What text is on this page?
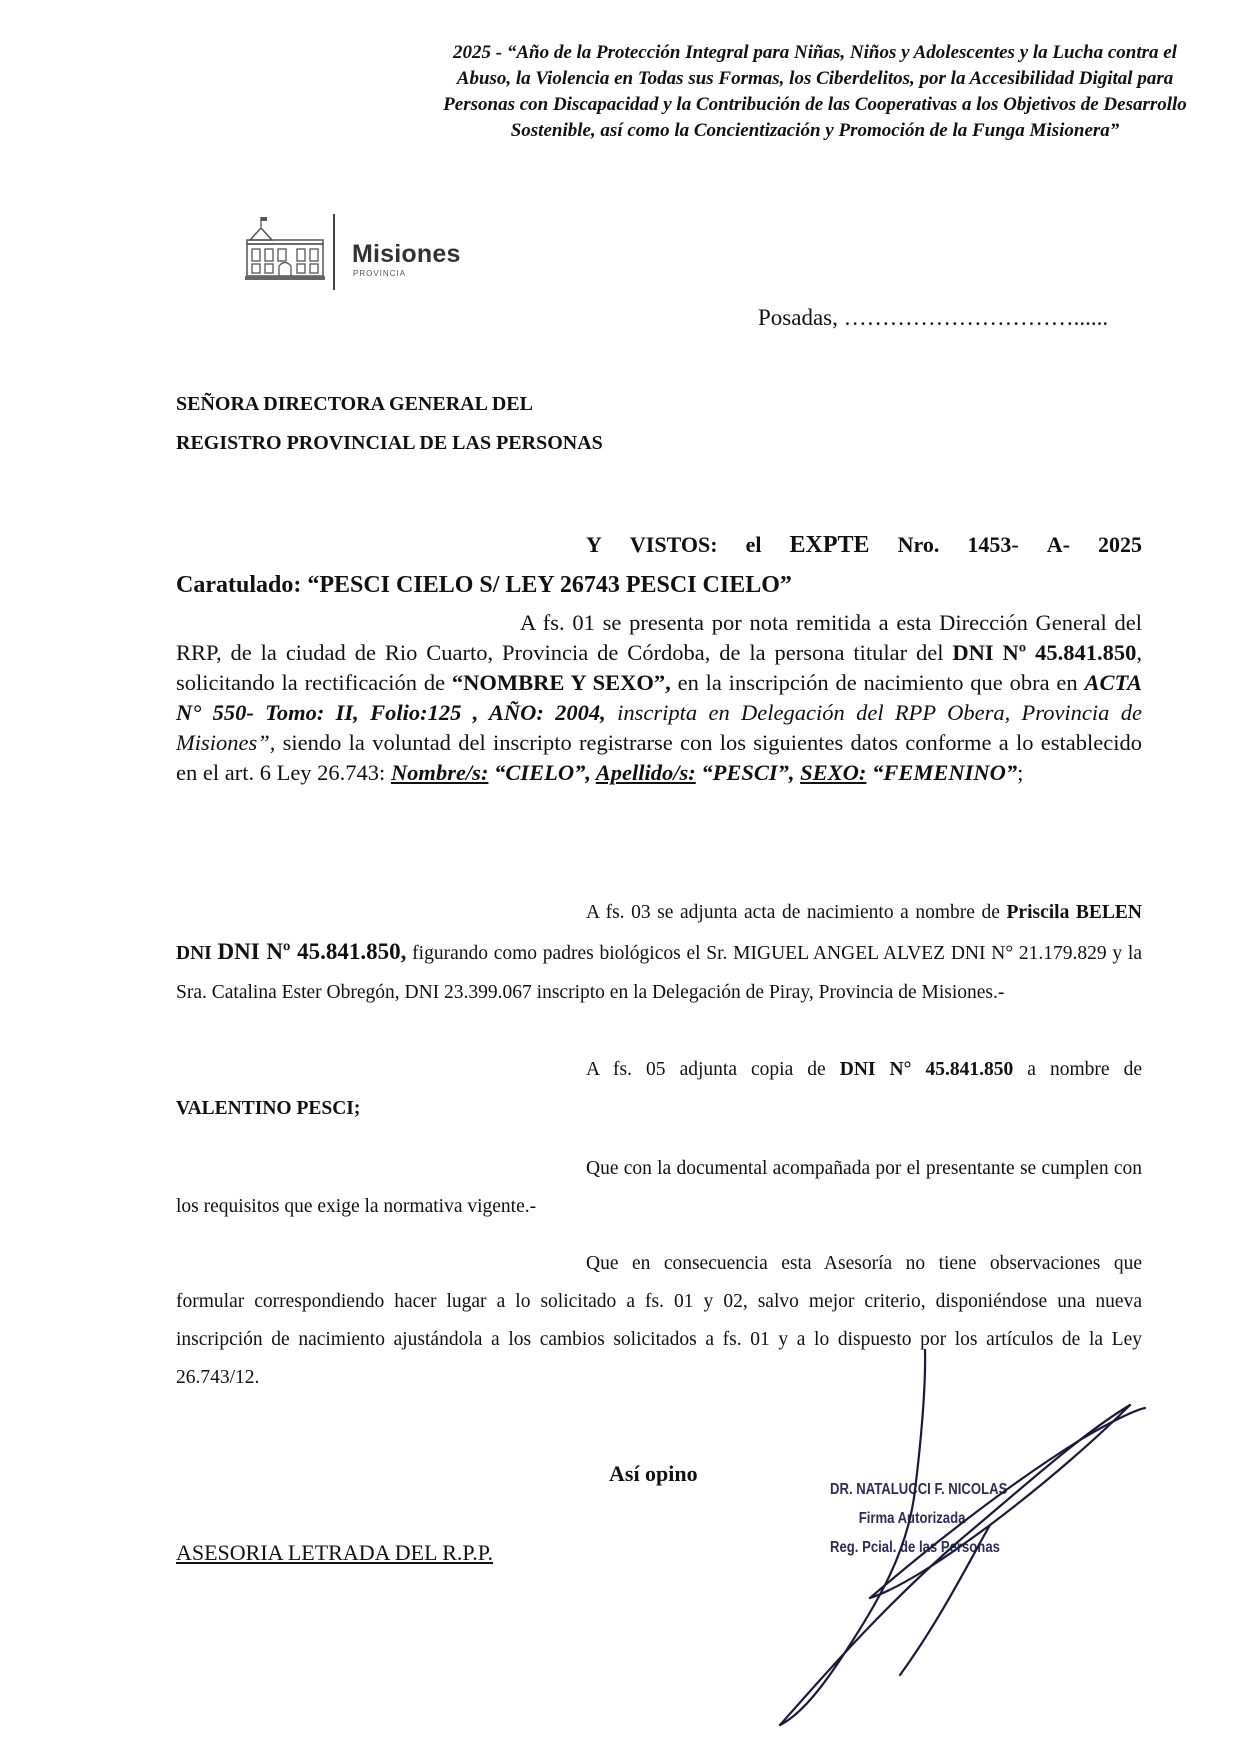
2025 - “Año de la Protección Integral para Niñas, Niños y Adolescentes y la Lucha contra el Abuso, la Violencia en Todas sus Formas, los Ciberdelitos, por la Accesibilidad Digital para Personas con Discapacidad y la Contribución de las Cooperativas a los Objetivos de Desarrollo Sostenible, así como la Concientización y Promoción de la Funga Misionera”
Misiones
PROVINCIA
Posadas, …………………………......
SEÑORA DIRECTORA GENERAL DEL
REGISTRO PROVINCIAL DE LAS PERSONAS
Y VISTOS: el EXPTE Nro. 1453- A- 2025
Caratulado: “PESCI CIELO S/ LEY 26743 PESCI CIELO”
A fs. 01 se presenta por nota remitida a esta Dirección General del RRP, de la ciudad de Rio Cuarto, Provincia de Córdoba, de la persona titular del DNI Nº 45.841.850, solicitando la rectificación de “NOMBRE Y SEXO”, en la inscripción de nacimiento que obra en ACTA N° 550- Tomo: II, Folio:125 , AÑO: 2004, inscripta en Delegación del RPP Obera, Provincia de Misiones”, siendo la voluntad del inscripto registrarse con los siguientes datos conforme a lo establecido en el art. 6 Ley 26.743: Nombre/s: “CIELO”, Apellido/s: “PESCI”, SEXO: “FEMENINO”;
A fs. 03 se adjunta acta de nacimiento a nombre de Priscila BELEN DNI DNI Nº 45.841.850, figurando como padres biológicos el Sr. MIGUEL ANGEL ALVEZ DNI N° 21.179.829 y la Sra. Catalina Ester Obregón, DNI 23.399.067 inscripto en la Delegación de Piray, Provincia de Misiones.-
A fs. 05 adjunta copia de DNI N° 45.841.850 a nombre de VALENTINO PESCI;
Que con la documental acompañada por el presentante se cumplen con los requisitos que exige la normativa vigente.-
Que en consecuencia esta Asesoría no tiene observaciones que formular correspondiendo hacer lugar a lo solicitado a fs. 01 y 02, salvo mejor criterio, disponiéndose una nueva inscripción de nacimiento ajustándola a los cambios solicitados a fs. 01 y a lo dispuesto por los artículos de la Ley 26.743/12.
Así opino
ASESORIA LETRADA DEL R.P.P.
DR. NATALUCCI F. NICOLAS
Firma Autorizada
Reg. Pcial. de las Personas
